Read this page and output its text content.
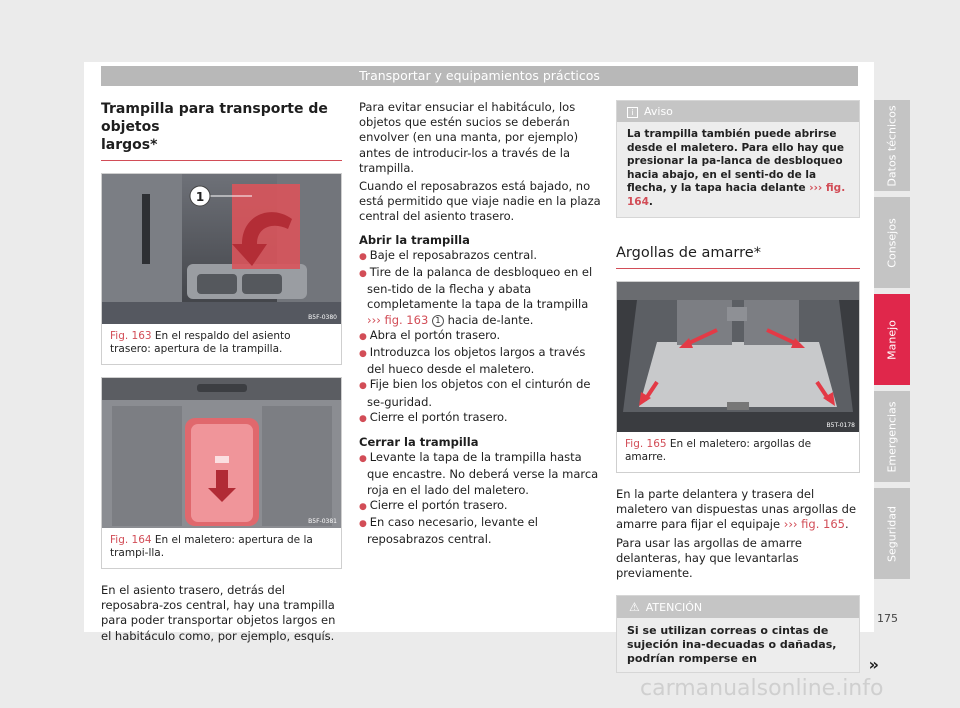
Transportar y equipamientos prácticos
Trampilla para transporte de objetos
largos*
1
B5F-0380
Fig. 163 En el respaldo del asiento trasero: apertura de la trampilla.
B5F-0381
Fig. 164 En el maletero: apertura de la trampi-lla.

En el asiento trasero, detrás del reposabra-zos central, hay una trampilla para poder transportar objetos largos en el habitáculo como, por ejemplo, esquís.

Para evitar ensuciar el habitáculo, los objetos que estén sucios se deberán envolver (en una manta, por ejemplo) antes de introducir-los a través de la trampilla.

Cuando el reposabrazos está bajado, no está permitido que viaje nadie en la plaza central del asiento trasero.

Abrir la trampilla
● Baje el reposabrazos central.
● Tire de la palanca de desbloqueo en el sen-tido de la flecha y abata completamente la tapa de la trampilla ››› fig. 163 1 hacia de-lante.
● Abra el portón trasero.
● Introduzca los objetos largos a través del hueco desde el maletero.
● Fije bien los objetos con el cinturón de se-guridad.
● Cierre el portón trasero.
Cerrar la trampilla
● Levante la tapa de la trampilla hasta que encastre. No deberá verse la marca roja en el lado del maletero.
● Cierre el portón trasero.
● En caso necesario, levante el reposabrazos central.
i Aviso
La trampilla también puede abrirse desde el maletero. Para ello hay que presionar la pa-lanca de desbloqueo hacia abajo, en el senti-do de la flecha, y la tapa hacia delante ››› fig. 164.
Argollas de amarre*
B5T-0178
Fig. 165 En el maletero: argollas de amarre.

En la parte delantera y trasera del maletero van dispuestas unas argollas de amarre para fijar el equipaje ››› fig. 165.

Para usar las argollas de amarre delanteras, hay que levantarlas previamente.

⚠ ATENCIÓN
Si se utilizan correas o cintas de sujeción ina-decuadas o dañadas, podrían romperse en	»
Datos técnicos
Consejos
Manejo
Emergencias
Seguridad
175
carmanualsonline.info
